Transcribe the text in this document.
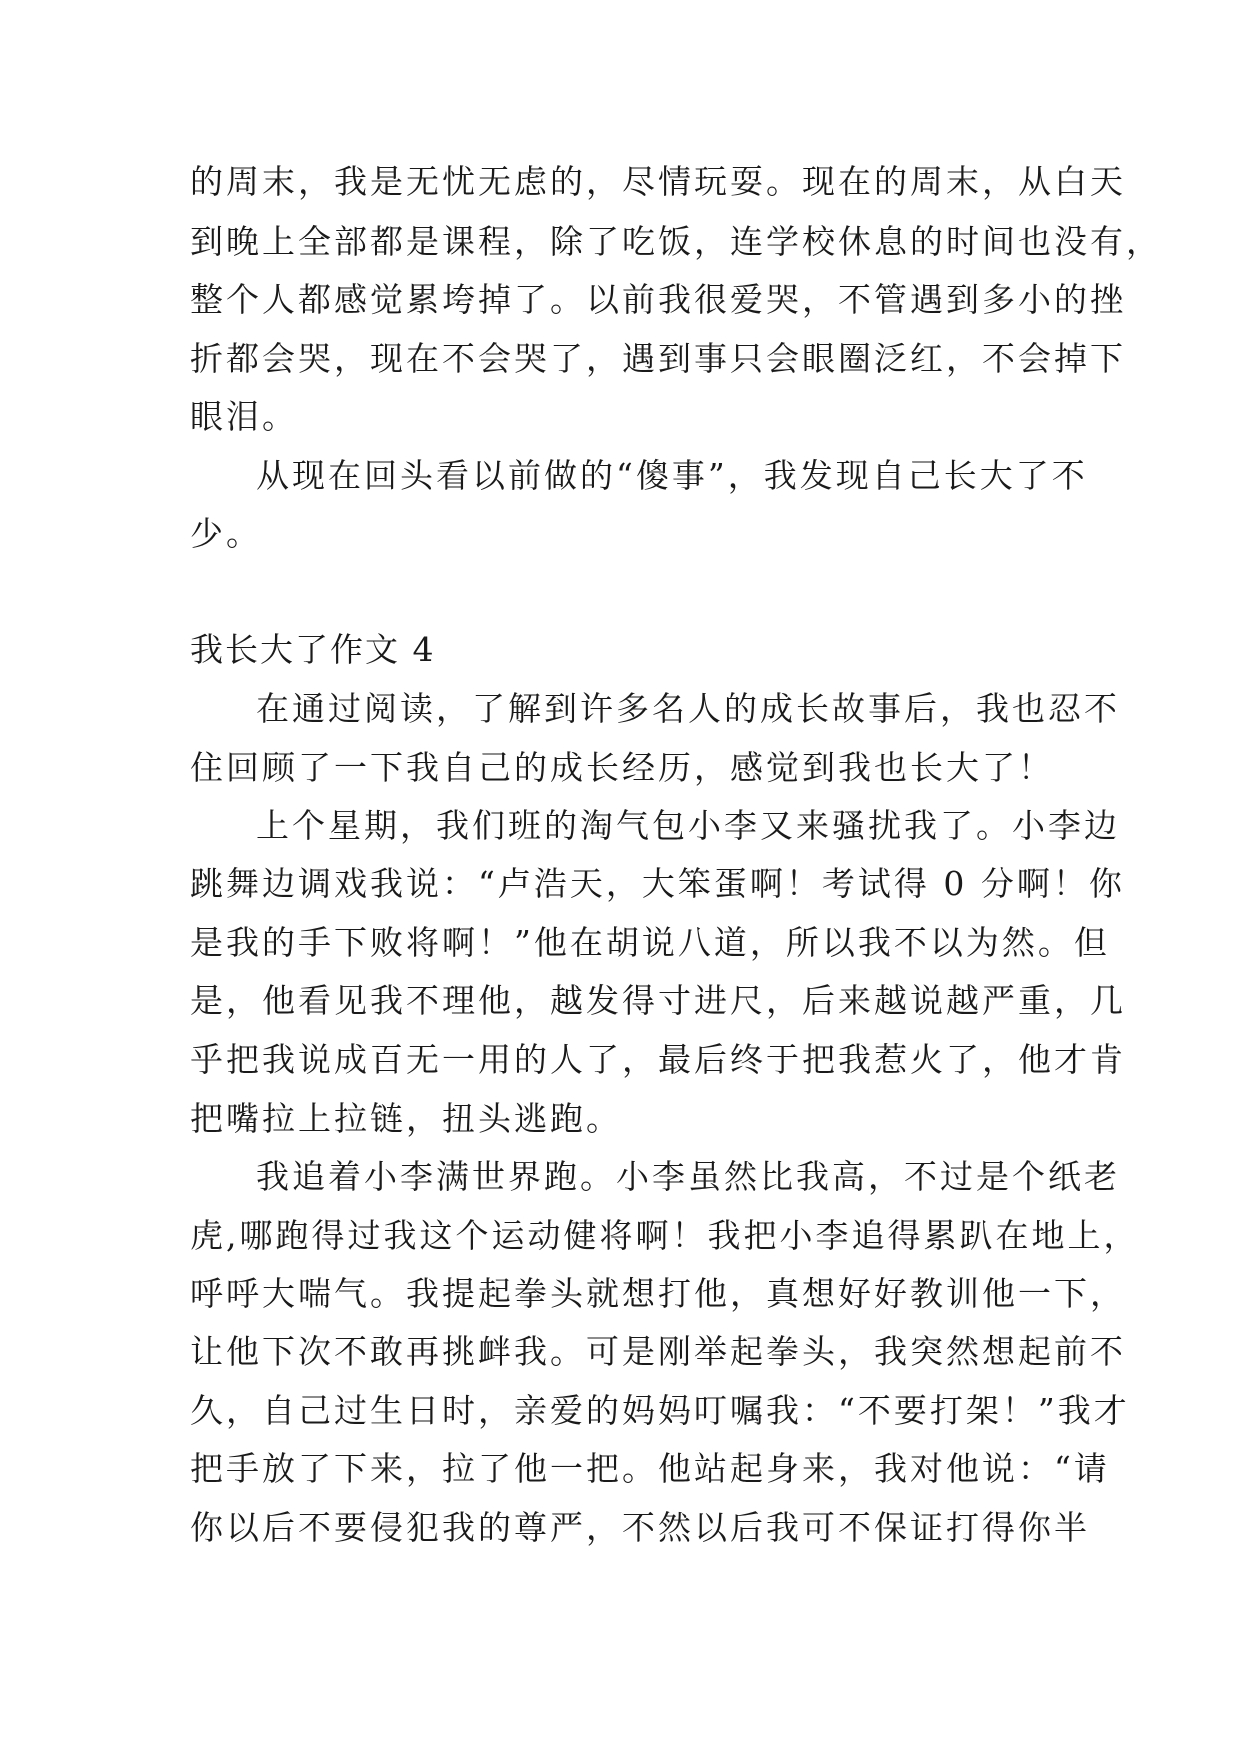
的周末，我是无忧无虑的，尽情玩耍。现在的周末，从白天
到晚上全部都是课程，除了吃饭，连学校休息的时间也没有，
整个人都感觉累垮掉了。以前我很爱哭，不管遇到多小的挫
折都会哭，现在不会哭了，遇到事只会眼圈泛红，不会掉下
眼泪。
从现在回头看以前做的“傻事”，我发现自己长大了不
少。
我长大了作文 4
在通过阅读，了解到许多名人的成长故事后，我也忍不
住回顾了一下我自己的成长经历，感觉到我也长大了！
上个星期，我们班的淘气包小李又来骚扰我了。小李边
跳舞边调戏我说：“卢浩天，大笨蛋啊！考试得 0 分啊！你
是我的手下败将啊！”他在胡说八道，所以我不以为然。但
是，他看见我不理他，越发得寸进尺，后来越说越严重，几
乎把我说成百无一用的人了，最后终于把我惹火了，他才肯
把嘴拉上拉链，扭头逃跑。
我追着小李满世界跑。小李虽然比我高，不过是个纸老
虎,哪跑得过我这个运动健将啊！我把小李追得累趴在地上，
呼呼大喘气。我提起拳头就想打他，真想好好教训他一下，
让他下次不敢再挑衅我。可是刚举起拳头，我突然想起前不
久，自己过生日时，亲爱的妈妈叮嘱我：“不要打架！”我才
把手放了下来，拉了他一把。他站起身来，我对他说：“请
你以后不要侵犯我的尊严，不然以后我可不保证打得你半
